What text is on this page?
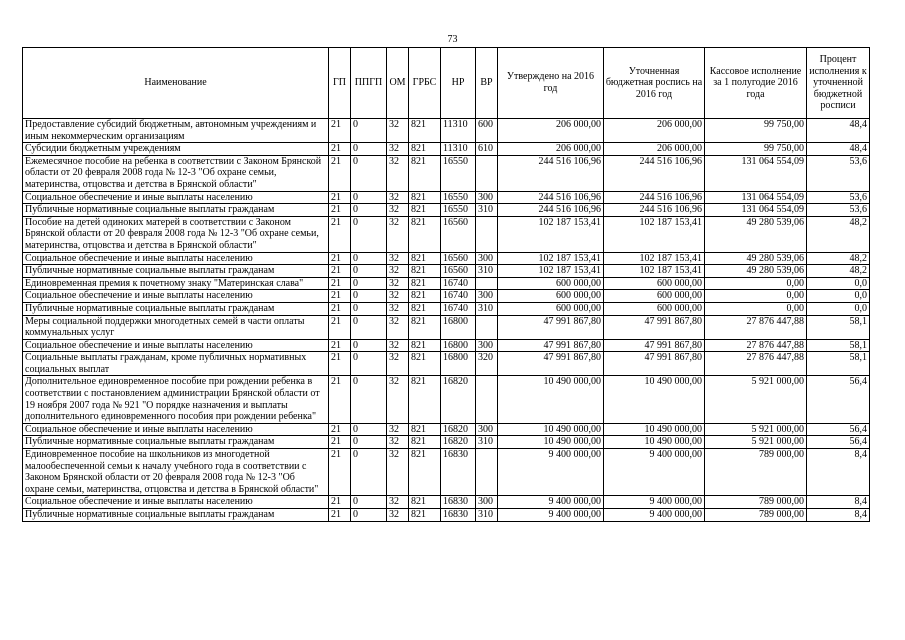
73
Наименование	ГП	ППГП	ОМ	ГРБС	НР	ВР	Утверждено на 2016 год	Уточненная бюджетная роспись на 2016 год	Кассовое исполнение за 1 полугодие 2016 года	Процент исполнения к уточненной бюджетной росписи
Предоставление субсидий бюджетным, автономным учреждениям и иным некоммерческим организациям	21	0	32	821	11310	600	206 000,00	206 000,00	99 750,00	48,4
Субсидии бюджетным учреждениям	21	0	32	821	11310	610	206 000,00	206 000,00	99 750,00	48,4
Ежемесячное пособие на ребенка в соответствии с Законом Брянской области от 20 февраля 2008 года № 12-3 "Об охране семьи, материнства, отцовства и детства в Брянской области"	21	0	32	821	16550		244 516 106,96	244 516 106,96	131 064 554,09	53,6
Социальное обеспечение и иные выплаты населению	21	0	32	821	16550	300	244 516 106,96	244 516 106,96	131 064 554,09	53,6
Публичные нормативные социальные выплаты гражданам	21	0	32	821	16550	310	244 516 106,96	244 516 106,96	131 064 554,09	53,6
Пособие на детей одиноких матерей в соответствии с Законом Брянской области от 20 февраля 2008 года № 12-3 "Об охране семьи, материнства, отцовства и детства в Брянской области"	21	0	32	821	16560		102 187 153,41	102 187 153,41	49 280 539,06	48,2
Социальное обеспечение и иные выплаты населению	21	0	32	821	16560	300	102 187 153,41	102 187 153,41	49 280 539,06	48,2
Публичные нормативные социальные выплаты гражданам	21	0	32	821	16560	310	102 187 153,41	102 187 153,41	49 280 539,06	48,2
Единовременная премия к почетному знаку "Материнская слава"	21	0	32	821	16740		600 000,00	600 000,00	0,00	0,0
Социальное обеспечение и иные выплаты населению	21	0	32	821	16740	300	600 000,00	600 000,00	0,00	0,0
Публичные нормативные социальные выплаты гражданам	21	0	32	821	16740	310	600 000,00	600 000,00	0,00	0,0
Меры социальной поддержки многодетных семей в части оплаты коммунальных услуг	21	0	32	821	16800		47 991 867,80	47 991 867,80	27 876 447,88	58,1
Социальное обеспечение и иные выплаты населению	21	0	32	821	16800	300	47 991 867,80	47 991 867,80	27 876 447,88	58,1
Социальные выплаты гражданам, кроме публичных нормативных социальных выплат	21	0	32	821	16800	320	47 991 867,80	47 991 867,80	27 876 447,88	58,1
Дополнительное единовременное пособие при рождении ребенка в соответствии с постановлением администрации Брянской области от 19 ноября 2007 года № 921 "О порядке назначения и выплаты дополнительного единовременного пособия при рождении ребенка"	21	0	32	821	16820		10 490 000,00	10 490 000,00	5 921 000,00	56,4
Социальное обеспечение и иные выплаты населению	21	0	32	821	16820	300	10 490 000,00	10 490 000,00	5 921 000,00	56,4
Публичные нормативные социальные выплаты гражданам	21	0	32	821	16820	310	10 490 000,00	10 490 000,00	5 921 000,00	56,4
Единовременное пособие на школьников из многодетной малообеспеченной семьи к началу учебного года в соответствии с Законом Брянской области от 20 февраля 2008 года № 12-3 "Об охране семьи, материнства, отцовства и детства в Брянской области"	21	0	32	821	16830		9 400 000,00	9 400 000,00	789 000,00	8,4
Социальное обеспечение и иные выплаты населению	21	0	32	821	16830	300	9 400 000,00	9 400 000,00	789 000,00	8,4
Публичные нормативные социальные выплаты гражданам	21	0	32	821	16830	310	9 400 000,00	9 400 000,00	789 000,00	8,4
